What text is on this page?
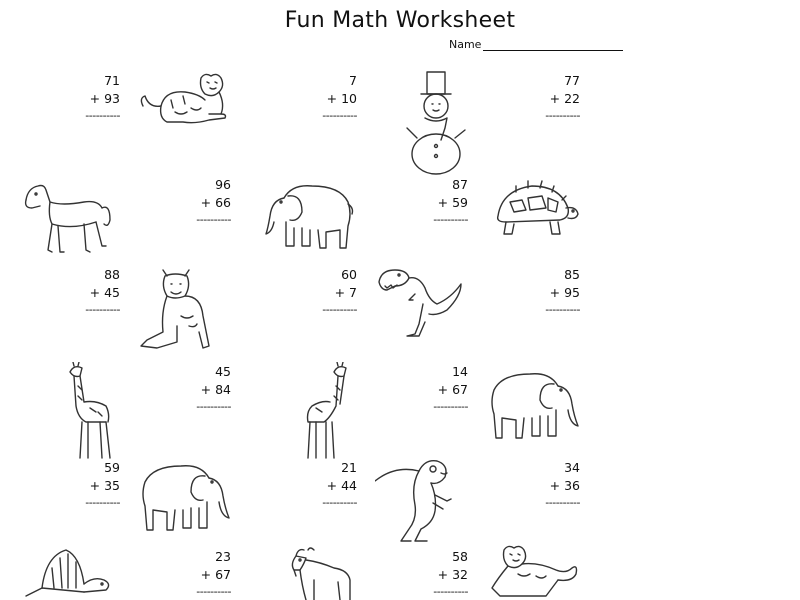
Fun Math Worksheet
Name
71
+ 93
----------
7
+ 10
----------
77
+ 22
----------
96
+ 66
----------
87
+ 59
----------
88
+ 45
----------
60
+ 7
----------
85
+ 95
----------
45
+ 84
----------
14
+ 67
----------
59
+ 35
----------
21
+ 44
----------
34
+ 36
----------
23
+ 67
----------
58
+ 32
----------
